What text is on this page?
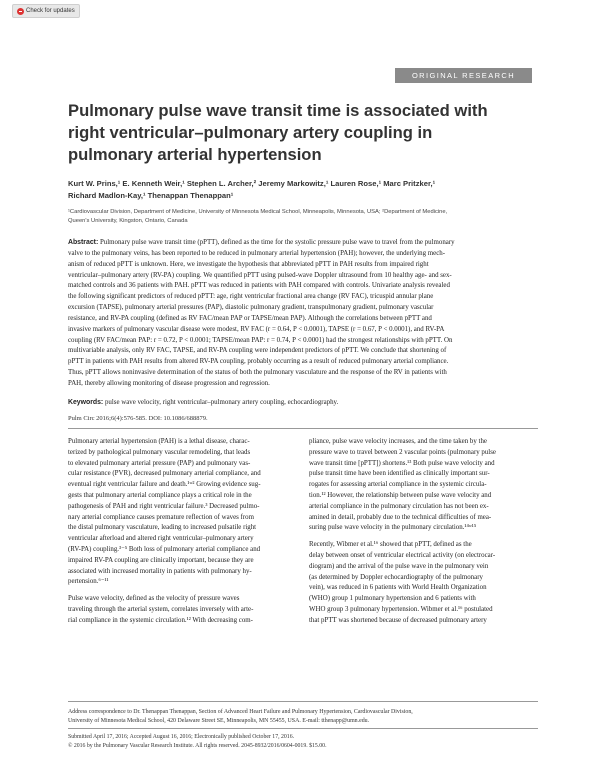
Check for updates
ORIGINAL RESEARCH
Pulmonary pulse wave transit time is associated with
right ventricular–pulmonary artery coupling in
pulmonary arterial hypertension
Kurt W. Prins,¹ E. Kenneth Weir,¹ Stephen L. Archer,² Jeremy Markowitz,¹ Lauren Rose,¹ Marc Pritzker,¹
Richard Madlon-Kay,¹ Thenappan Thenappan¹
¹Cardiovascular Division, Department of Medicine, University of Minnesota Medical School, Minneapolis, Minnesota, USA; ²Department of Medicine,
Queen's University, Kingston, Ontario, Canada
Abstract: Pulmonary pulse wave transit time (pPTT), defined as the time for the systolic pressure pulse wave to travel from the pulmonary
valve to the pulmonary veins, has been reported to be reduced in pulmonary arterial hypertension (PAH); however, the underlying mech-
anism of reduced pPTT is unknown. Here, we investigate the hypothesis that abbreviated pPTT in PAH results from impaired right
ventricular–pulmonary artery (RV-PA) coupling. We quantified pPTT using pulsed-wave Doppler ultrasound from 10 healthy age- and sex-
matched controls and 36 patients with PAH. pPTT was reduced in patients with PAH compared with controls. Univariate analysis revealed
the following significant predictors of reduced pPTT: age, right ventricular fractional area change (RV FAC), tricuspid annular plane
excursion (TAPSE), pulmonary arterial pressures (PAP), diastolic pulmonary gradient, transpulmonary gradient, pulmonary vascular
resistance, and RV-PA coupling (defined as RV FAC/mean PAP or TAPSE/mean PAP). Although the correlations between pPTT and
invasive markers of pulmonary vascular disease were modest, RV FAC (r = 0.64, P < 0.0001), TAPSE (r = 0.67, P < 0.0001), and RV-PA
coupling (RV FAC/mean PAP: r = 0.72, P < 0.0001; TAPSE/mean PAP: r = 0.74, P < 0.0001) had the strongest relationships with pPTT. On
multivariable analysis, only RV FAC, TAPSE, and RV-PA coupling were independent predictors of pPTT. We conclude that shortening of
pPTT in patients with PAH results from altered RV-PA coupling, probably occurring as a result of reduced pulmonary arterial compliance.
Thus, pPTT allows noninvasive determination of the status of both the pulmonary vasculature and the response of the RV in patients with
PAH, thereby allowing monitoring of disease progression and regression.
Keywords: pulse wave velocity, right ventricular–pulmonary artery coupling, echocardiography.
Pulm Circ 2016;6(4):576-585. DOI: 10.1086/688879.
Pulmonary arterial hypertension (PAH) is a lethal disease, charac-
terized by pathological pulmonary vascular remodeling, that leads
to elevated pulmonary arterial pressure (PAP) and pulmonary vas-
cular resistance (PVR), decreased pulmonary arterial compliance, and
eventual right ventricular failure and death.¹ʷ² Growing evidence sug-
gests that pulmonary arterial compliance plays a critical role in the
pathogenesis of PAH and right ventricular failure.³ Decreased pulmo-
nary arterial compliance causes premature reflection of waves from
the distal pulmonary vasculature, leading to increased pulsatile right
ventricular afterload and altered right ventricular–pulmonary artery
(RV-PA) coupling.³⁻⁵ Both loss of pulmonary arterial compliance and
impaired RV-PA coupling are clinically important, because they are
associated with increased mortality in patients with pulmonary hy-
pertension.⁶⁻¹¹
Pulse wave velocity, defined as the velocity of pressure waves
traveling through the arterial system, correlates inversely with arte-
rial compliance in the systemic circulation.¹² With decreasing com-
pliance, pulse wave velocity increases, and the time taken by the
pressure wave to travel between 2 vascular points (pulmonary pulse
wave transit time [pPTT]) shortens.¹³ Both pulse wave velocity and
pulse transit time have been identified as clinically important sur-
rogates for assessing arterial compliance in the systemic circula-
tion.¹² However, the relationship between pulse wave velocity and
arterial compliance in the pulmonary circulation has not been ex-
amined in detail, probably due to the technical difficulties of mea-
suring pulse wave velocity in the pulmonary circulation.¹⁴ʷ¹⁵
Recently, Wibmer et al.¹⁶ showed that pPTT, defined as the
delay between onset of ventricular electrical activity (on electrocar-
diogram) and the arrival of the pulse wave in the pulmonary vein
(as determined by Doppler echocardiography of the pulmonary
vein), was reduced in 6 patients with World Health Organization
(WHO) group 1 pulmonary hypertension and 6 patients with
WHO group 3 pulmonary hypertension. Wibmer et al.¹⁶ postulated
that pPTT was shortened because of decreased pulmonary artery
Address correspondence to Dr. Thenappan Thenappan, Section of Advanced Heart Failure and Pulmonary Hypertension, Cardiovascular Division,
University of Minnesota Medical School, 420 Delaware Street SE, Minneapolis, MN 55455, USA. E-mail: tthenapp@umn.edu.
Submitted April 17, 2016; Accepted August 16, 2016; Electronically published October 17, 2016.
© 2016 by the Pulmonary Vascular Research Institute. All rights reserved. 2045-8932/2016/0604-0019. $15.00.
